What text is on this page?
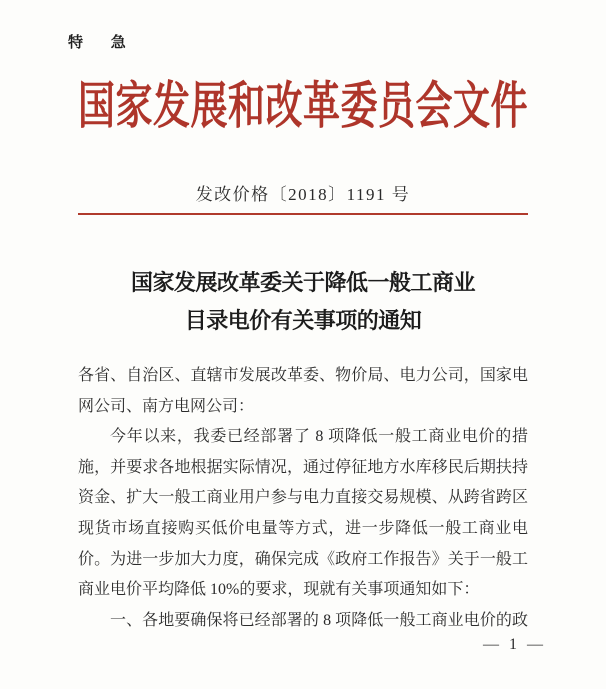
特 急
国家发展和改革委员会文件
发改价格〔2018〕1191 号
国家发展改革委关于降低一般工商业
目录电价有关事项的通知
各省、自治区、直辖市发展改革委、物价局、电力公司，国家电
网公司、南方电网公司：
今年以来，我委已经部署了 8 项降低一般工商业电价的措
施，并要求各地根据实际情况，通过停征地方水库移民后期扶持
资金、扩大一般工商业用户参与电力直接交易规模、从跨省跨区
现货市场直接购买低价电量等方式，进一步降低一般工商业电
价。为进一步加大力度，确保完成《政府工作报告》关于一般工
商业电价平均降低 10%的要求，现就有关事项通知如下：
一、各地要确保将已经部署的 8 项降低一般工商业电价的政
— 1 —
